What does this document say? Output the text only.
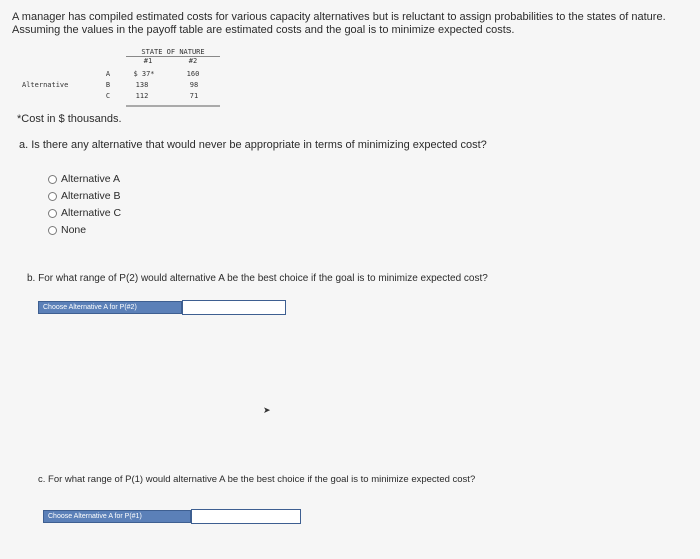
A manager has compiled estimated costs for various capacity alternatives but is reluctant to assign probabilities to the states of nature.
Assuming the values in the payoff table are estimated costs and the goal is to minimize expected costs.
STATE OF NATURE
#1	#2
Alternative
A	$ 37*	160
B	138	98
C	112	71
*Cost in $ thousands.
a. Is there any alternative that would never be appropriate in terms of minimizing expected cost?
Alternative A
Alternative B
Alternative C
None
b. For what range of P(2) would alternative A be the best choice if the goal is to minimize expected cost?
Choose Alternative A for P(#2)
➤
c. For what range of P(1) would alternative A be the best choice if the goal is to minimize expected cost?
Choose Alternative A for P(#1)
